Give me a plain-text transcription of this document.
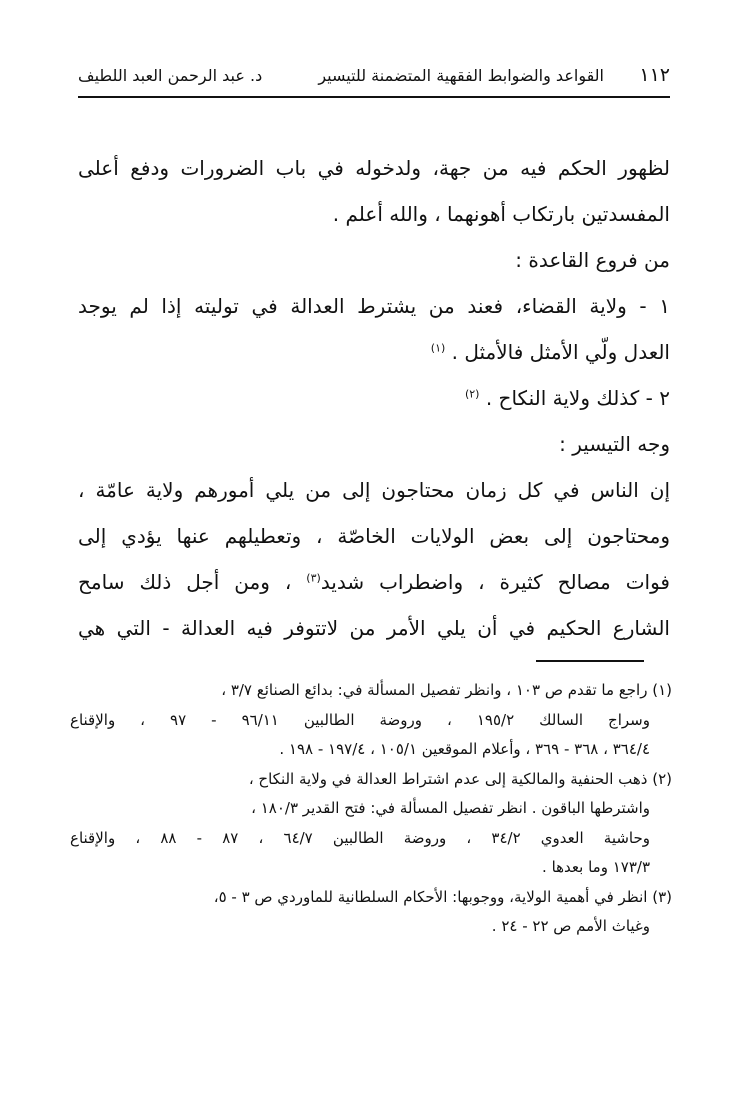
١١٢
القواعد والضوابط الفقهية المتضمنة للتيسير
د. عبد الرحمن العبد اللطيف

لظهور الحكم فيه من جهة، ولدخوله في باب الضرورات ودفع أعلى

المفسدتين بارتكاب أهونهما ، والله أعلم .

من فروع القاعدة :

١ - ولاية القضاء، فعند من يشترط العدالة في توليته إذا لم يوجد

العدل ولّي الأمثل فالأمثل . $^{(١)}$

٢ - كذلك ولاية النكاح . $^{(٢)}$

وجه التيسير :

إن الناس في كل زمان محتاجون إلى من يلي أمورهم ولاية عامّة ،

ومحتاجون إلى بعض الولايات الخاصّة ، وتعطيلهم عنها يؤدي إلى

فوات مصالح كثيرة ، واضطراب شديد$^{(٣)}$ ، ومن أجل ذلك سامح

الشارع الحكيم في أن يلي الأمر من لاتتوفر فيه العدالة - التي هي

(١) راجع ما تقدم ص ١٠٣ ، وانظر تفصيل المسألة في: بدائع الصنائع ٣/٧ ،

وسراج السالك ١٩٥/٢ ، وروضة الطالبين ٩٦/١١ - ٩٧ ، والإقناع

٣٦٤/٤ ، ٣٦٨ - ٣٦٩ ، وأعلام الموقعين ١٠٥/١ ، ١٩٧/٤ - ١٩٨ .

(٢) ذهب الحنفية والمالكية إلى عدم اشتراط العدالة في ولاية النكاح ،

واشترطها الباقون . انظر تفصيل المسألة في: فتح القدير ١٨٠/٣ ،

وحاشية العدوي ٣٤/٢ ، وروضة الطالبين ٦٤/٧ ، ٨٧ - ٨٨ ، والإقناع

١٧٣/٣ وما بعدها .

(٣) انظر في أهمية الولاية، ووجوبها: الأحكام السلطانية للماوردي ص ٣ - ٥،

وغياث الأمم ص ٢٢ - ٢٤ .
